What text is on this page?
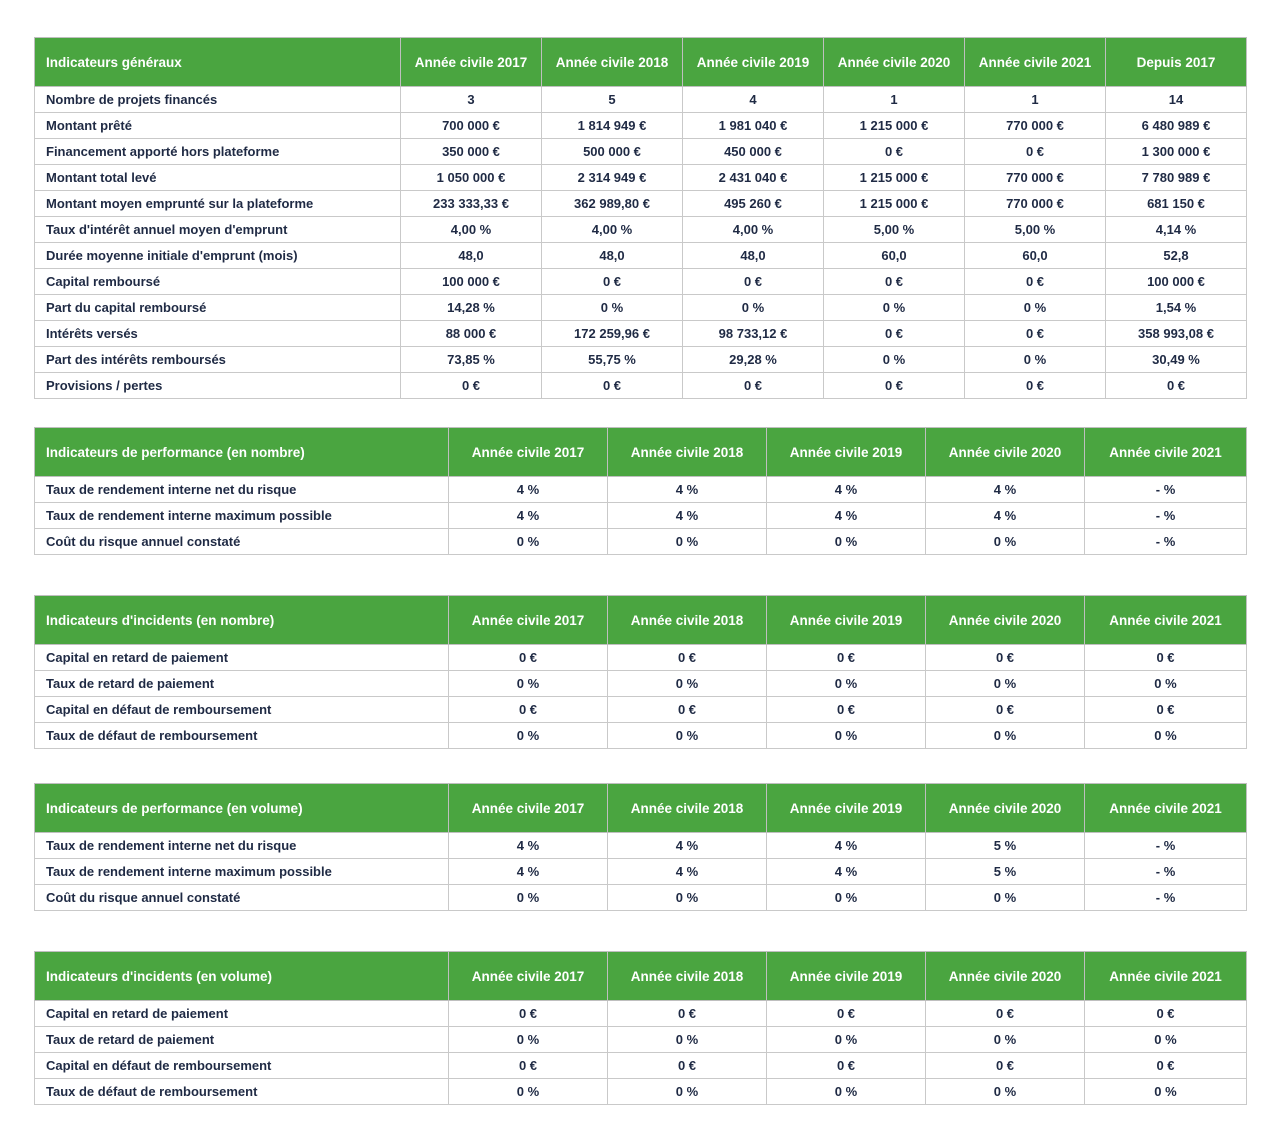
Indicateurs généraux	Année civile 2017	Année civile 2018	Année civile 2019	Année civile 2020	Année civile 2021	Depuis 2017
Nombre de projets financés	3	5	4	1	1	14
Montant prêté	700 000 €	1 814 949 €	1 981 040 €	1 215 000 €	770 000 €	6 480 989 €
Financement apporté hors plateforme	350 000 €	500 000 €	450 000 €	0 €	0 €	1 300 000 €
Montant total levé	1 050 000 €	2 314 949 €	2 431 040 €	1 215 000 €	770 000 €	7 780 989 €
Montant moyen emprunté sur la plateforme	233 333,33 €	362 989,80 €	495 260 €	1 215 000 €	770 000 €	681 150 €
Taux d'intérêt annuel moyen d'emprunt	4,00 %	4,00 %	4,00 %	5,00 %	5,00 %	4,14 %
Durée moyenne initiale d'emprunt (mois)	48,0	48,0	48,0	60,0	60,0	52,8
Capital remboursé	100 000 €	0 €	0 €	0 €	0 €	100 000 €
Part du capital remboursé	14,28 %	0 %	0 %	0 %	0 %	1,54 %
Intérêts versés	88 000 €	172 259,96 €	98 733,12 €	0 €	0 €	358 993,08 €
Part des intérêts remboursés	73,85 %	55,75 %	29,28 %	0 %	0 %	30,49 %
Provisions / pertes	0 €	0 €	0 €	0 €	0 €	0 €
Indicateurs de performance (en nombre)	Année civile 2017	Année civile 2018	Année civile 2019	Année civile 2020	Année civile 2021
Taux de rendement interne net du risque	4 %	4 %	4 %	4 %	- %
Taux de rendement interne maximum possible	4 %	4 %	4 %	4 %	- %
Coût du risque annuel constaté	0 %	0 %	0 %	0 %	- %
Indicateurs d'incidents (en nombre)	Année civile 2017	Année civile 2018	Année civile 2019	Année civile 2020	Année civile 2021
Capital en retard de paiement	0 €	0 €	0 €	0 €	0 €
Taux de retard de paiement	0 %	0 %	0 %	0 %	0 %
Capital en défaut de remboursement	0 €	0 €	0 €	0 €	0 €
Taux de défaut de remboursement	0 %	0 %	0 %	0 %	0 %
Indicateurs de performance (en volume)	Année civile 2017	Année civile 2018	Année civile 2019	Année civile 2020	Année civile 2021
Taux de rendement interne net du risque	4 %	4 %	4 %	5 %	- %
Taux de rendement interne maximum possible	4 %	4 %	4 %	5 %	- %
Coût du risque annuel constaté	0 %	0 %	0 %	0 %	- %
Indicateurs d'incidents (en volume)	Année civile 2017	Année civile 2018	Année civile 2019	Année civile 2020	Année civile 2021
Capital en retard de paiement	0 €	0 €	0 €	0 €	0 €
Taux de retard de paiement	0 %	0 %	0 %	0 %	0 %
Capital en défaut de remboursement	0 €	0 €	0 €	0 €	0 €
Taux de défaut de remboursement	0 %	0 %	0 %	0 %	0 %
